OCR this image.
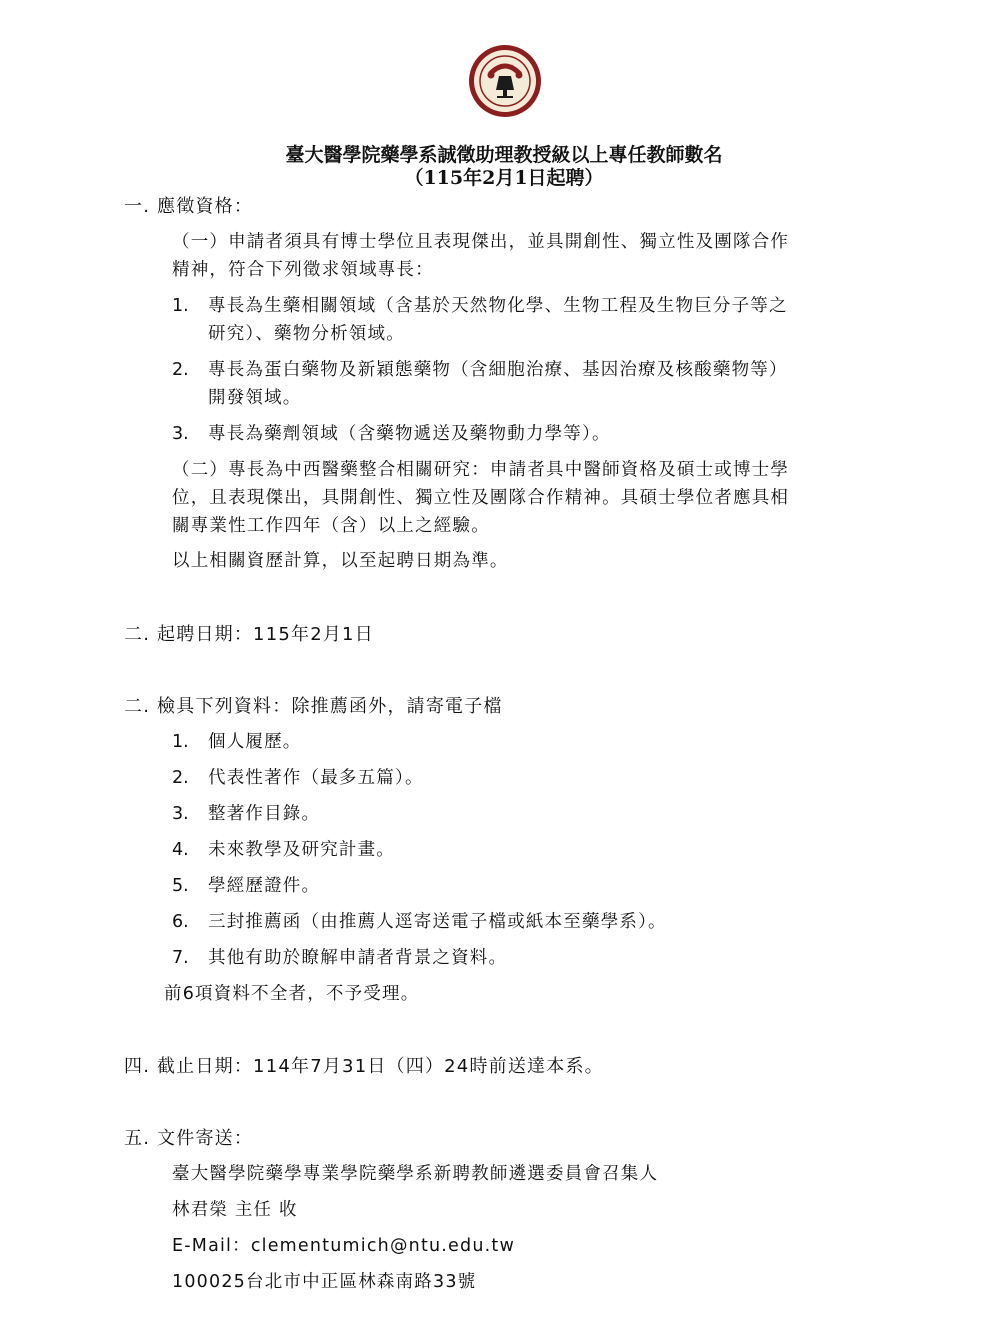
臺大醫學院藥學系誠徵助理教授級以上專任教師數名
（115年2月1日起聘）
一. 應徵資格：
（一）申請者須具有博士學位且表現傑出，並具開創性、獨立性及團隊合作
精神，符合下列徵求領域專長：
1. 專長為生藥相關領域（含基於天然物化學、生物工程及生物巨分子等之
研究）、藥物分析領域。
2. 專長為蛋白藥物及新穎態藥物（含細胞治療、基因治療及核酸藥物等）
開發領域。
3. 專長為藥劑領域（含藥物遞送及藥物動力學等）。
（二）專長為中西醫藥整合相關研究：申請者具中醫師資格及碩士或博士學
位，且表現傑出，具開創性、獨立性及團隊合作精神。具碩士學位者應具相
關專業性工作四年（含）以上之經驗。
以上相關資歷計算，以至起聘日期為準。
二. 起聘日期：115年2月1日
二. 檢具下列資料：除推薦函外，請寄電子檔
1. 個人履歷。
2. 代表性著作（最多五篇）。
3. 整著作目錄。
4. 未來教學及研究計畫。
5. 學經歷證件。
6. 三封推薦函（由推薦人逕寄送電子檔或紙本至藥學系）。
7. 其他有助於瞭解申請者背景之資料。
前6項資料不全者，不予受理。
四. 截止日期：114年7月31日（四）24時前送達本系。
五. 文件寄送：
臺大醫學院藥學專業學院藥學系新聘教師遴選委員會召集人
林君榮 主任 收
E-Mail：clementumich@ntu.edu.tw
100025台北市中正區林森南路33號
